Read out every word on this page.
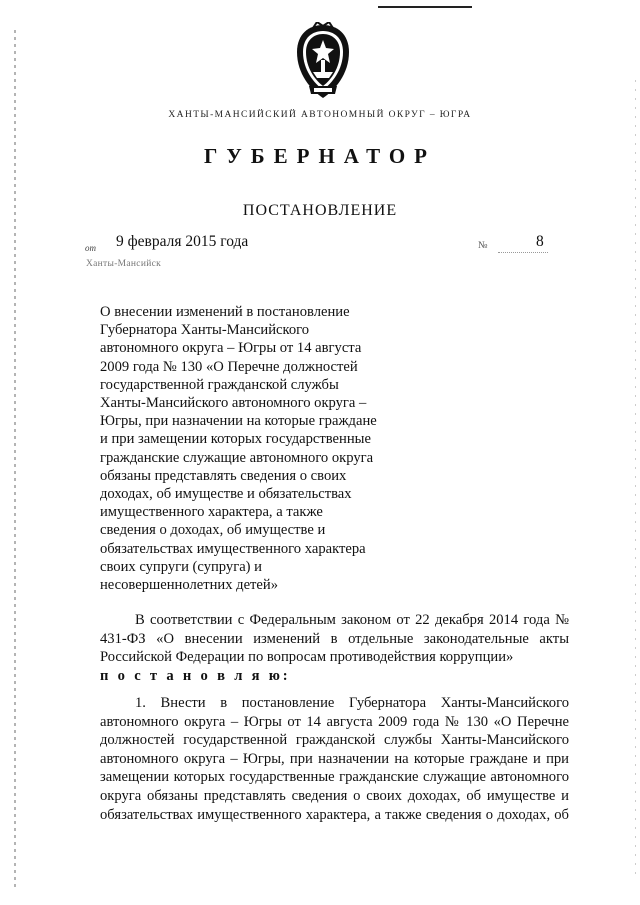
ХАНТЫ-МАНСИЙСКИЙ АВТОНОМНЫЙ ОКРУГ – ЮГРА
ГУБЕРНАТОР
ПОСТАНОВЛЕНИЕ
от 9 февраля 2015 года	№	8
Ханты-Мансийск
О внесении изменений в постановление
Губернатора Ханты-Мансийского
автономного округа – Югры от 14 августа
2009 года № 130 «О Перечне должностей
государственной гражданской службы
Ханты-Мансийского автономного округа –
Югры, при назначении на которые граждане
и при замещении которых государственные
гражданские служащие автономного округа
обязаны представлять сведения о своих
доходах, об имуществе и обязательствах
имущественного характера, а также
сведения о доходах, об имуществе и
обязательствах имущественного характера
своих супруги (супруга) и
несовершеннолетних детей»
В соответствии с Федеральным законом от 22 декабря 2014 года № 431-ФЗ «О внесении изменений в отдельные законодательные акты Российской Федерации по вопросам противодействия коррупции»
п о с т а н о в л я ю:
1. Внести в постановление Губернатора Ханты-Мансийского
автономного округа – Югры от 14 августа 2009 года № 130 «О Перечне
должностей государственной гражданской службы Ханты-Мансийского
автономного округа – Югры, при назначении на которые граждане и при
замещении которых государственные гражданские служащие автономного
округа обязаны представлять сведения о своих доходах, об имуществе и
обязательствах имущественного характера, а также сведения о доходах, об
